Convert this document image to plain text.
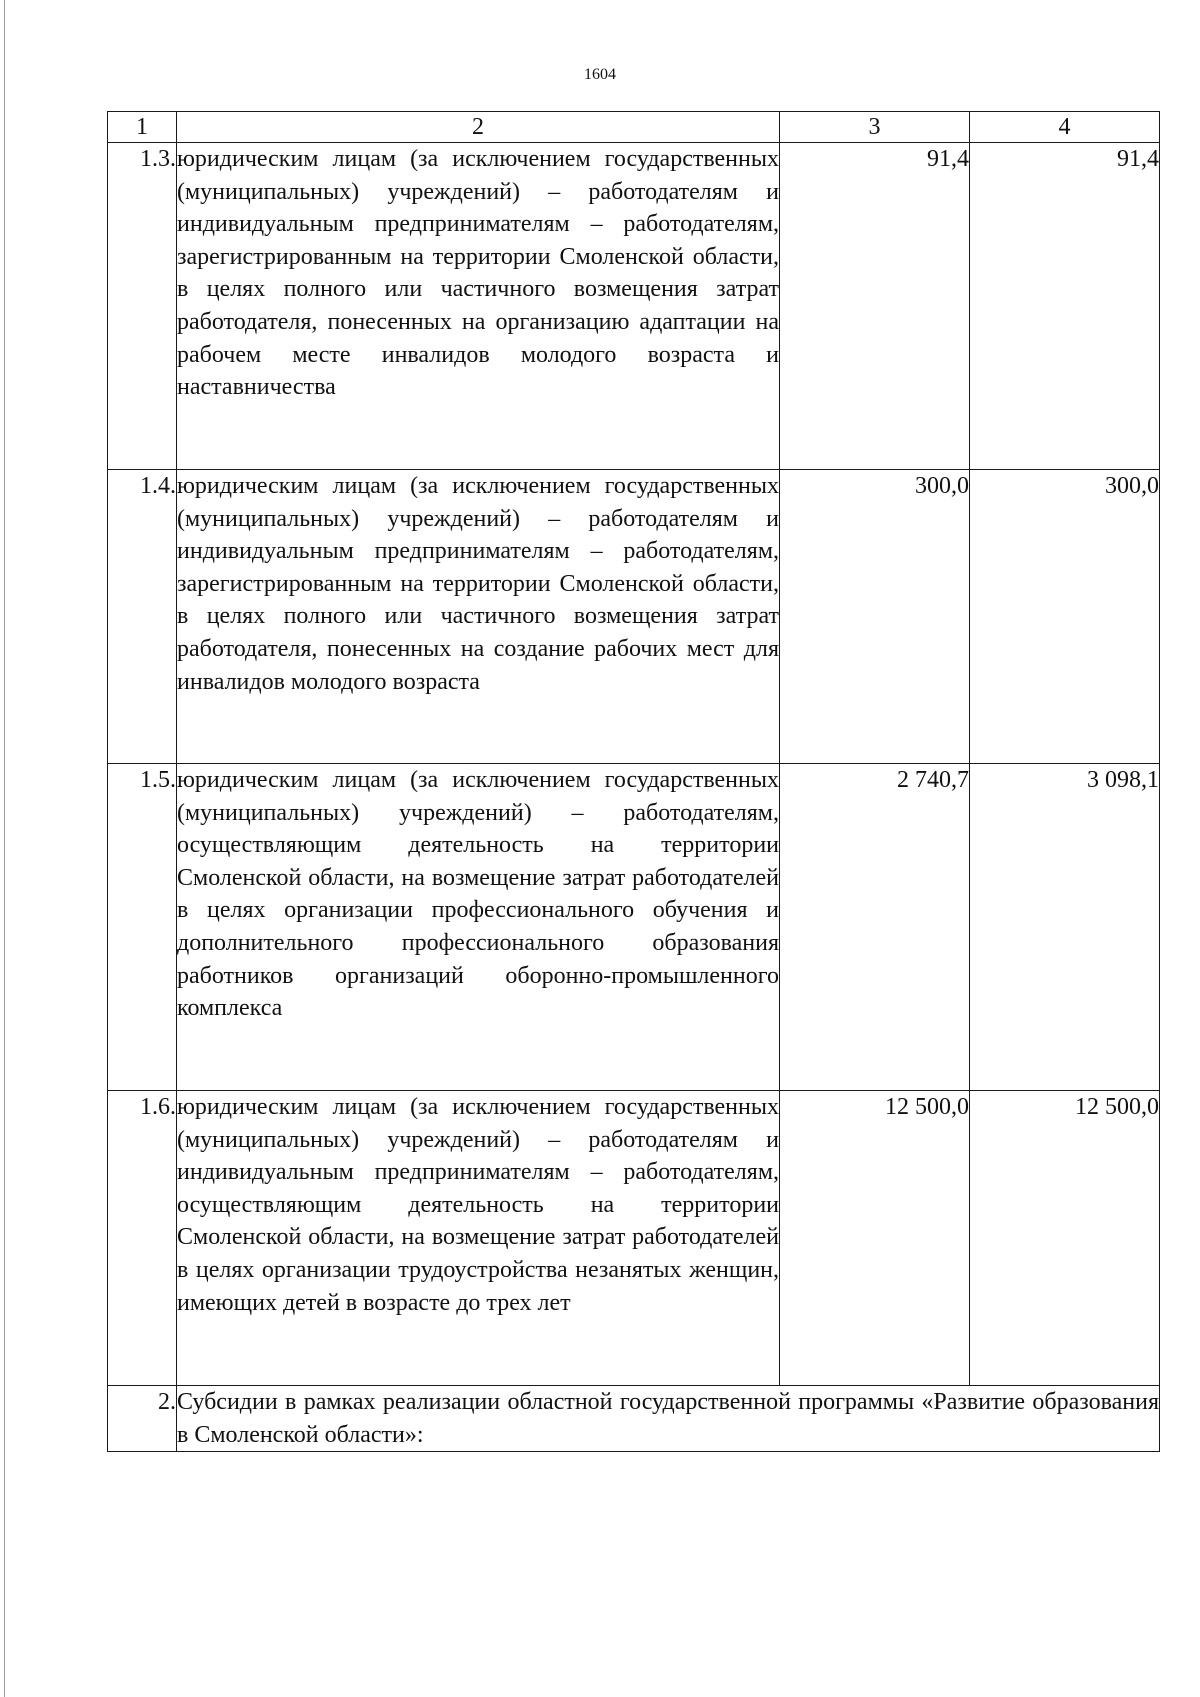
1604
1	2	3	4
1.3.	юридическим лицам (за исключением государственных (муниципальных) учреждений) – работодателям и индивидуальным предпринимателям – работодателям, зарегистрированным на территории Смоленской области, в целях полного или частичного возмещения затрат работодателя, понесенных на организацию адаптации на рабочем месте инвалидов молодого возраста и наставничества	91,4	91,4
1.4.	юридическим лицам (за исключением государственных (муниципальных) учреждений) – работодателям и индивидуальным предпринимателям – работодателям, зарегистрированным на территории Смоленской области, в целях полного или частичного возмещения затрат работодателя, понесенных на создание рабочих мест для инвалидов молодого возраста	300,0	300,0
1.5.	юридическим лицам (за исключением государственных (муниципальных) учреждений) – работодателям, осуществляющим деятельность на территории Смоленской области, на возмещение затрат работодателей в целях организации профессионального обучения и дополнительного профессионального образования работников организаций оборонно-промышленного комплекса	2 740,7	3 098,1
1.6.	юридическим лицам (за исключением государственных (муниципальных) учреждений) – работодателям и индивидуальным предпринимателям – работодателям, осуществляющим деятельность на территории Смоленской области, на возмещение затрат работодателей в целях организации трудоустройства незанятых женщин, имеющих детей в возрасте до трех лет	12 500,0	12 500,0
2.	Субсидии в рамках реализации областной государственной программы «Развитие образования в Смоленской области»:		
